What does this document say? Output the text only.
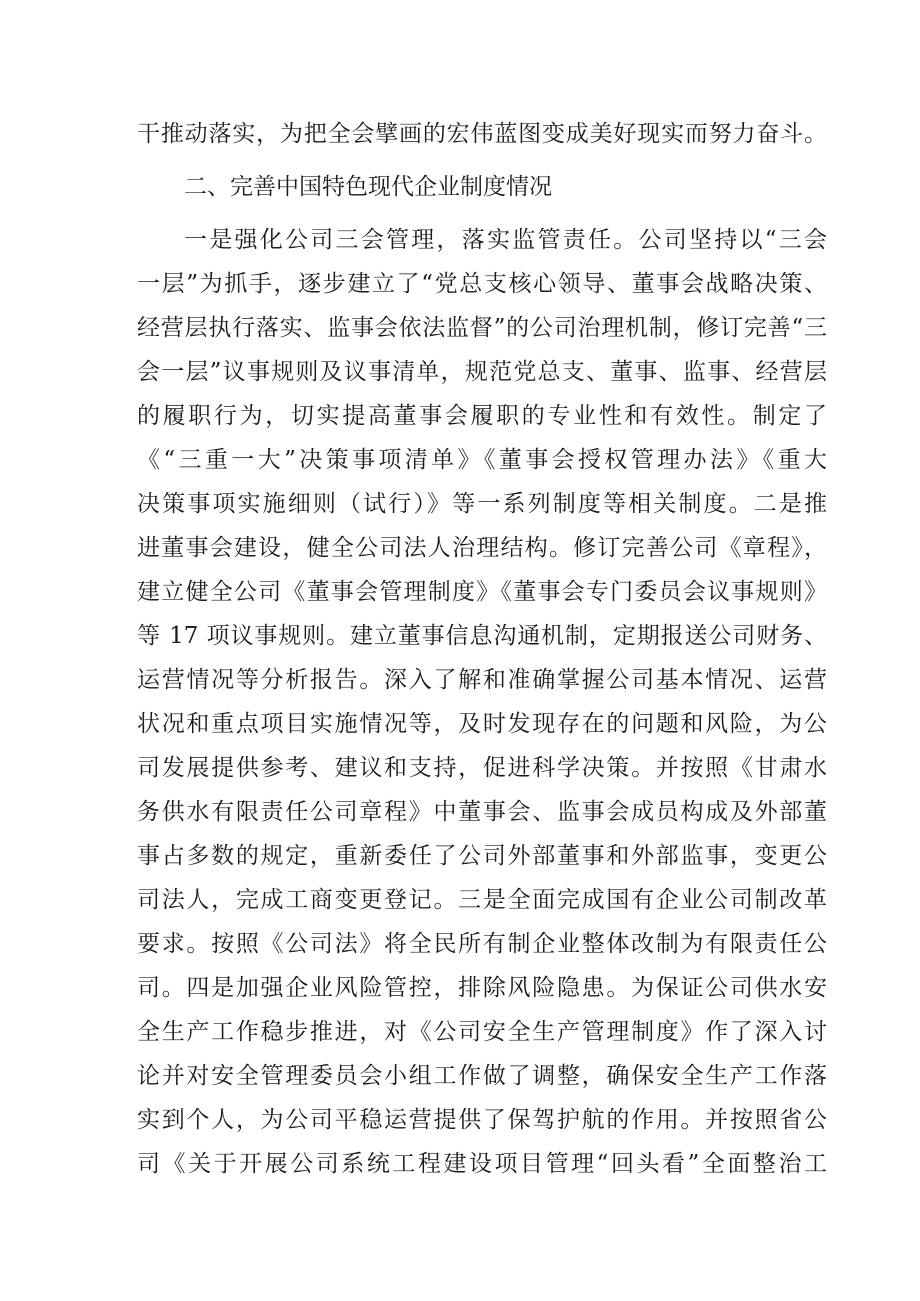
干推动落实，为把全会擘画的宏伟蓝图变成美好现实而努力奋斗。
二、完善中国特色现代企业制度情况
一是强化公司三会管理，落实监管责任。公司坚持以“三会
一层”为抓手，逐步建立了“党总支核心领导、董事会战略决策、
经营层执行落实、监事会依法监督”的公司治理机制，修订完善“三
会一层”议事规则及议事清单，规范党总支、董事、监事、经营层
的履职行为，切实提高董事会履职的专业性和有效性。制定了
《“三重一大”决策事项清单》《董事会授权管理办法》《重大
决策事项实施细则（试行）》等一系列制度等相关制度。二是推
进董事会建设，健全公司法人治理结构。修订完善公司《章程》，
建立健全公司《董事会管理制度》《董事会专门委员会议事规则》
等 17 项议事规则。建立董事信息沟通机制，定期报送公司财务、
运营情况等分析报告。深入了解和准确掌握公司基本情况、运营
状况和重点项目实施情况等，及时发现存在的问题和风险，为公
司发展提供参考、建议和支持，促进科学决策。并按照《甘肃水
务供水有限责任公司章程》中董事会、监事会成员构成及外部董
事占多数的规定，重新委任了公司外部董事和外部监事，变更公
司法人，完成工商变更登记。三是全面完成国有企业公司制改革
要求。按照《公司法》将全民所有制企业整体改制为有限责任公
司。四是加强企业风险管控，排除风险隐患。为保证公司供水安
全生产工作稳步推进，对《公司安全生产管理制度》作了深入讨
论并对安全管理委员会小组工作做了调整，确保安全生产工作落
实到个人，为公司平稳运营提供了保驾护航的作用。并按照省公
司《关于开展公司系统工程建设项目管理“回头看”全面整治工
